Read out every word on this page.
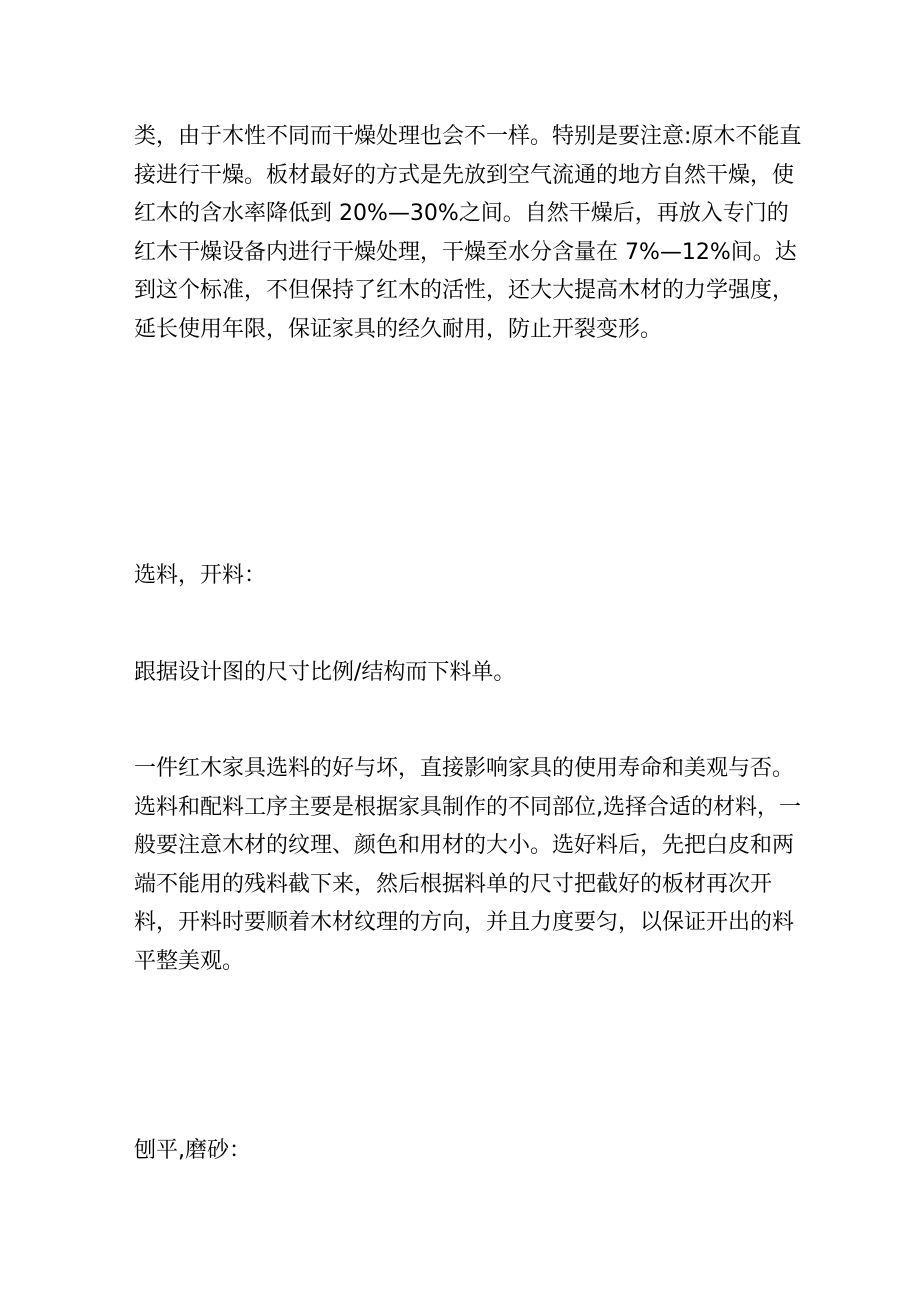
类，由于木性不同而干燥处理也会不一样。特别是要注意:原木不能直接进行干燥。板材最好的方式是先放到空气流通的地方自然干燥，使红木的含水率降低到 20%—30%之间。自然干燥后，再放入专门的红木干燥设备内进行干燥处理，干燥至水分含量在 7%—12%间。达到这个标准，不但保持了红木的活性，还大大提高木材的力学强度，延长使用年限，保证家具的经久耐用，防止开裂变形。

选料，开料：

跟据设计图的尺寸比例/结构而下料单。

一件红木家具选料的好与坏，直接影响家具的使用寿命和美观与否。选料和配料工序主要是根据家具制作的不同部位,选择合适的材料，一般要注意木材的纹理、颜色和用材的大小。选好料后，先把白皮和两端不能用的残料截下来，然后根据料单的尺寸把截好的板材再次开料，开料时要顺着木材纹理的方向，并且力度要匀，以保证开出的料平整美观。

刨平,磨砂：
